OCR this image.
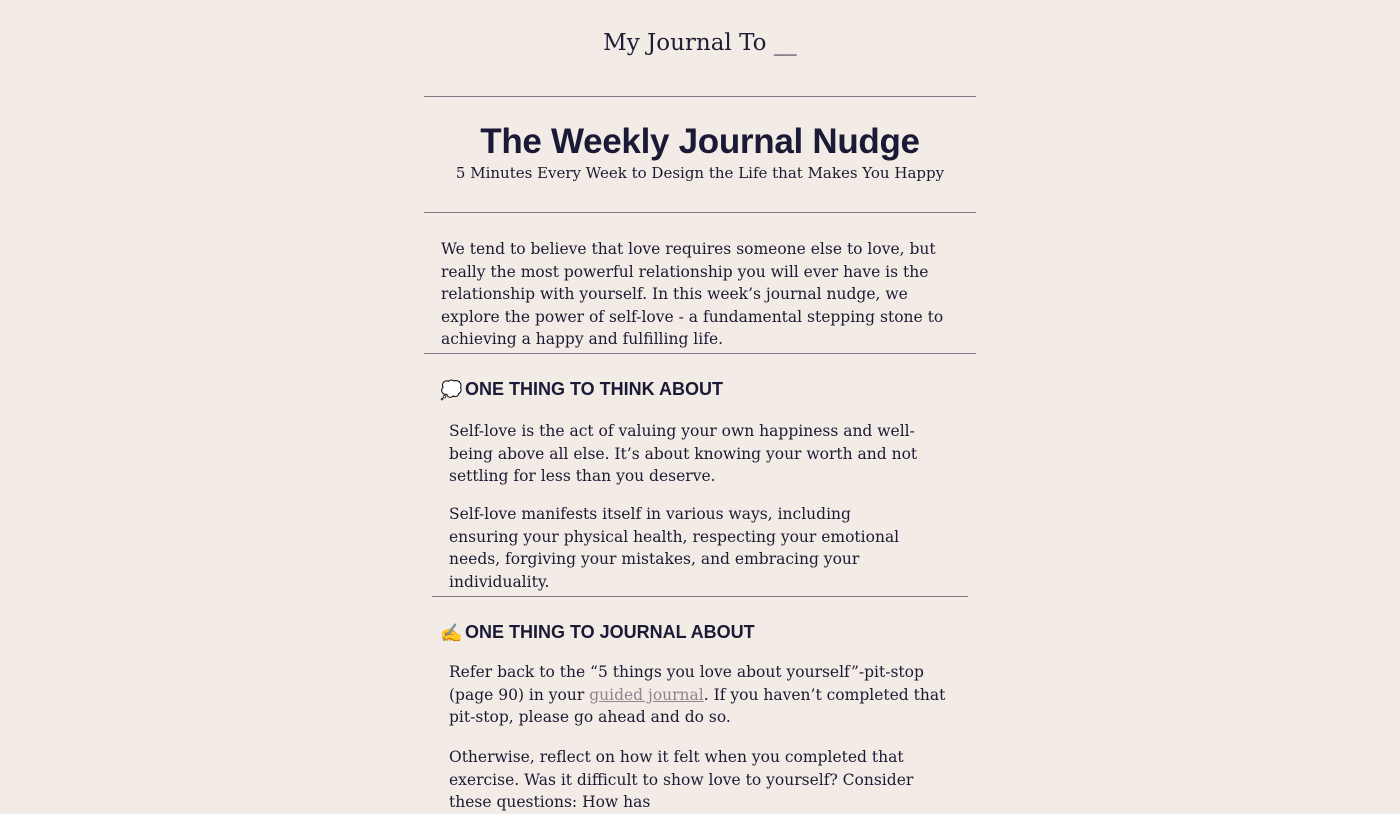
My Journal To __
The Weekly Journal Nudge
5 Minutes Every Week to Design the Life that Makes You Happy

We tend to believe that love requires someone else to love, but really the most powerful relationship you will ever have is the relationship with yourself. In this week’s journal nudge, we explore the power of self-love - a fundamental stepping stone to achieving a happy and fulfilling life.

💭 ONE THING TO THINK ABOUT

Self-love is the act of valuing your own happiness and well-being above all else. It’s about knowing your worth and not settling for less than you deserve.

Self-love manifests itself in various ways, including ensuring your physical health, respecting your emotional needs, forgiving your mistakes, and embracing your individuality.

✍️ ONE THING TO JOURNAL ABOUT

Refer back to the “5 things you love about yourself”-pit-stop (page 90) in your guided journal. If you haven’t completed that pit-stop, please go ahead and do so.

Otherwise, reflect on how it felt when you completed that exercise. Was it difficult to show love to yourself? Consider these questions: How has
